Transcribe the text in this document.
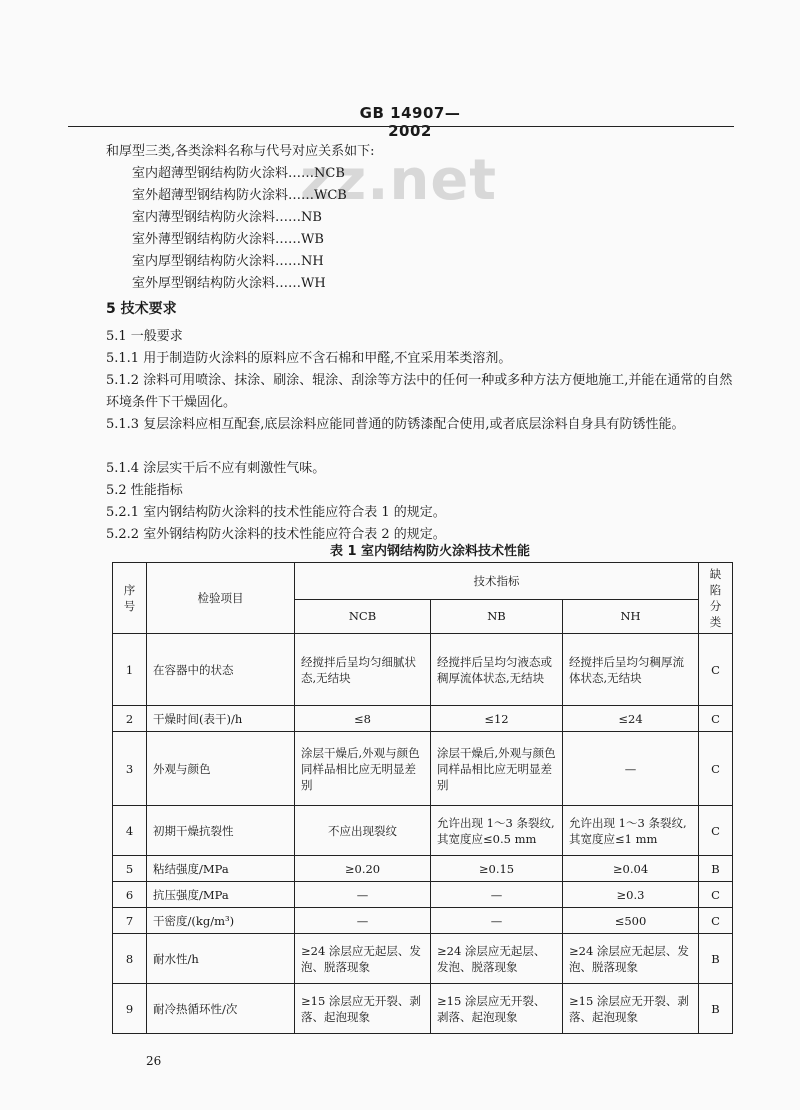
GB 14907—2002
zz.net
和厚型三类,各类涂料名称与代号对应关系如下:
室内超薄型钢结构防火涂料……NCB
室外超薄型钢结构防火涂料……WCB
室内薄型钢结构防火涂料……NB
室外薄型钢结构防火涂料……WB
室内厚型钢结构防火涂料……NH
室外厚型钢结构防火涂料……WH
5 技术要求
5.1 一般要求
5.1.1 用于制造防火涂料的原料应不含石棉和甲醛,不宜采用苯类溶剂。
5.1.2 涂料可用喷涂、抹涂、刷涂、辊涂、刮涂等方法中的任何一种或多种方法方便地施工,并能在通常的自然环境条件下干燥固化。
5.1.3 复层涂料应相互配套,底层涂料应能同普通的防锈漆配合使用,或者底层涂料自身具有防锈性能。
5.1.4 涂层实干后不应有刺激性气味。
5.2 性能指标
5.2.1 室内钢结构防火涂料的技术性能应符合表 1 的规定。
5.2.2 室外钢结构防火涂料的技术性能应符合表 2 的规定。
表 1 室内钢结构防火涂料技术性能
序号	检验项目	技术指标			缺陷分类
		NCB	NB	NH	
1	在容器中的状态	经搅拌后呈均匀细腻状态,无结块	经搅拌后呈均匀液态或稠厚流体状态,无结块	经搅拌后呈均匀稠厚流体状态,无结块	C
2	干燥时间(表干)/h	≤8	≤12	≤24	C
3	外观与颜色	涂层干燥后,外观与颜色同样品相比应无明显差别	涂层干燥后,外观与颜色同样品相比应无明显差别	—	C
4	初期干燥抗裂性	不应出现裂纹	允许出现 1～3 条裂纹,其宽度应≤0.5 mm	允许出现 1～3 条裂纹,其宽度应≤1 mm	C
5	粘结强度/MPa	≥0.20	≥0.15	≥0.04	B
6	抗压强度/MPa	—	—	≥0.3	C
7	干密度/(kg/m³)	—	—	≤500	C
8	耐水性/h	≥24 涂层应无起层、发泡、脱落现象	≥24 涂层应无起层、发泡、脱落现象	≥24 涂层应无起层、发泡、脱落现象	B
9	耐冷热循环性/次	≥15 涂层应无开裂、剥落、起泡现象	≥15 涂层应无开裂、剥落、起泡现象	≥15 涂层应无开裂、剥落、起泡现象	B
26
